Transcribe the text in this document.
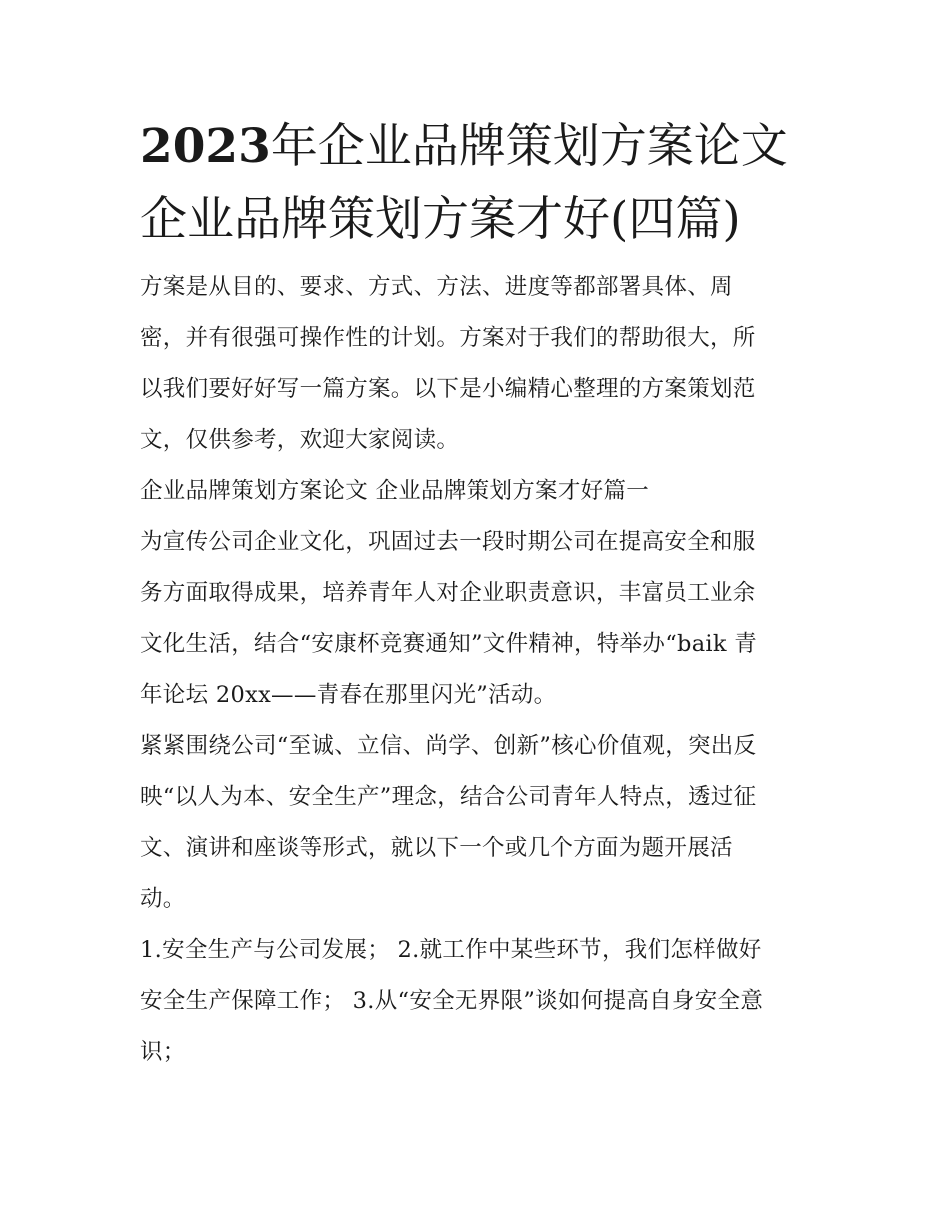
2023年企业品牌策划方案论文
企业品牌策划方案才好(四篇)

方案是从目的、要求、方式、方法、进度等都部署具体、周
密，并有很强可操作性的计划。方案对于我们的帮助很大，所
以我们要好好写一篇方案。以下是小编精心整理的方案策划范
文，仅供参考，欢迎大家阅读。

企业品牌策划方案论文 企业品牌策划方案才好篇一

为宣传公司企业文化，巩固过去一段时期公司在提高安全和服
务方面取得成果，培养青年人对企业职责意识，丰富员工业余
文化生活，结合“安康杯竞赛通知”文件精神，特举办“baik 青
年论坛 20xx——青春在那里闪光”活动。

紧紧围绕公司“至诚、立信、尚学、创新”核心价值观，突出反
映“以人为本、安全生产”理念，结合公司青年人特点，透过征
文、演讲和座谈等形式，就以下一个或几个方面为题开展活
动。

1.安全生产与公司发展； 2.就工作中某些环节，我们怎样做好
安全生产保障工作； 3.从“安全无界限”谈如何提高自身安全意
识；
